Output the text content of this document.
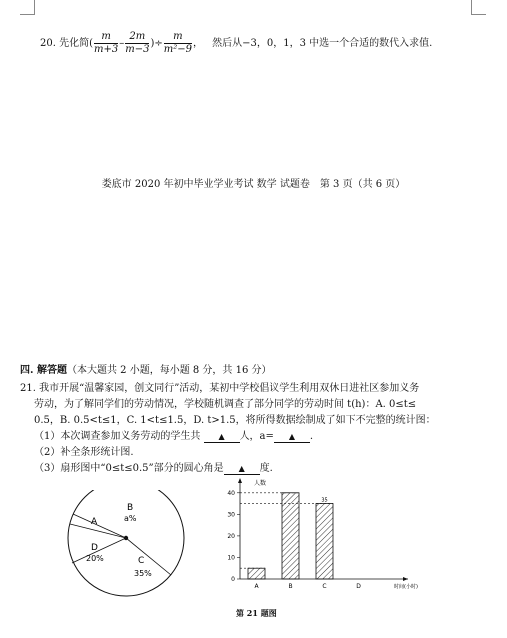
20. 先化简( $\frac{m}{m+3} - \frac{2m}{m-3}$ )÷ $\frac{m}{\text{m²−9}}$ ， 然后从−3，0，1，3 中选一个合适的数代入求值.
娄底市 2020 年初中毕业学业考试 数学 试题卷　第 3 页（共 6 页）
四. 解答题（本大题共 2 小题，每小题 8 分，共 16 分）
21. 我市开展“温馨家园，创文同行”活动，某初中学校倡议学生利用双休日进社区参加义务
劳动，为了解同学们的劳动情况，学校随机调查了部分同学的劳动时间 t(h)：A. 0≤t≤
0.5，B. 0.5<t≤1，C. 1<t≤1.5，D. t>1.5，将所得数据绘制成了如下不完整的统计图：
（1）本次调查参加义务劳动的学生共 ▲ 人，a= ▲ .
（2）补全条形统计图.
（3）扇形图中“0≤t≤0.5”部分的圆心角是 ▲ 度.
A
B
a%
C
35%
D
20%
人数
时间(小时)
35
0
10
20
30
40
A	B	C	D
第 21 题图
